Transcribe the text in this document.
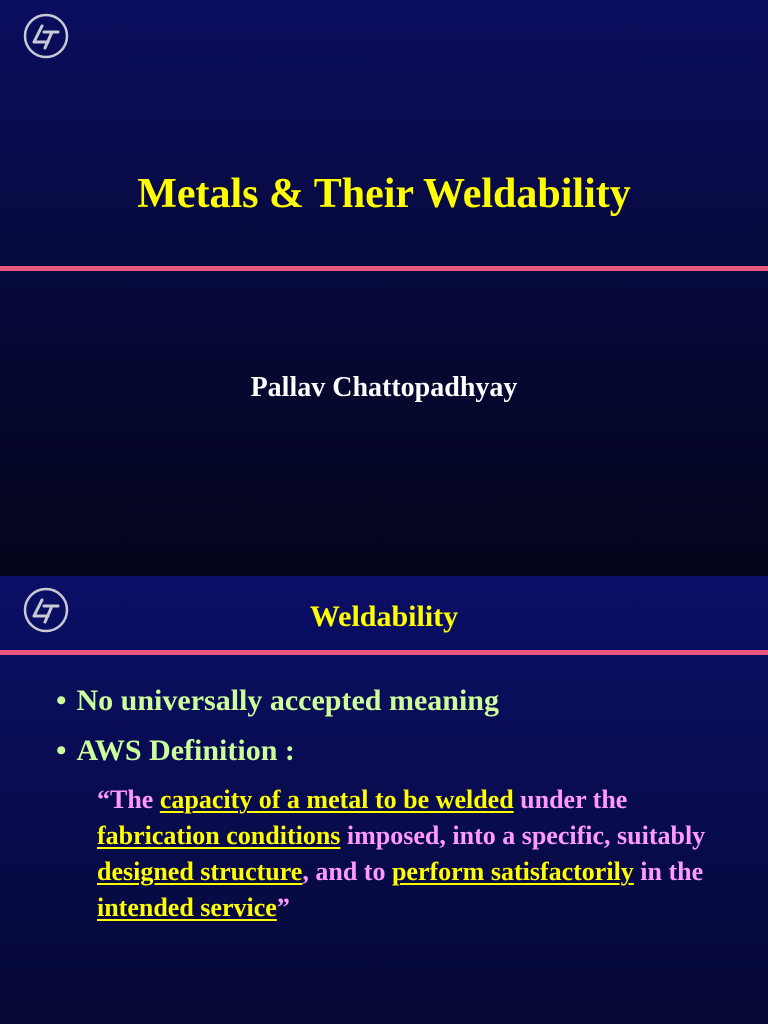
Metals & Their Weldability
Pallav Chattopadhyay
Weldability
• No universally accepted meaning
• AWS Definition :
“The capacity of a metal to be welded under the fabrication conditions imposed, into a specific, suitably designed structure, and to perform satisfactorily in the intended service”
